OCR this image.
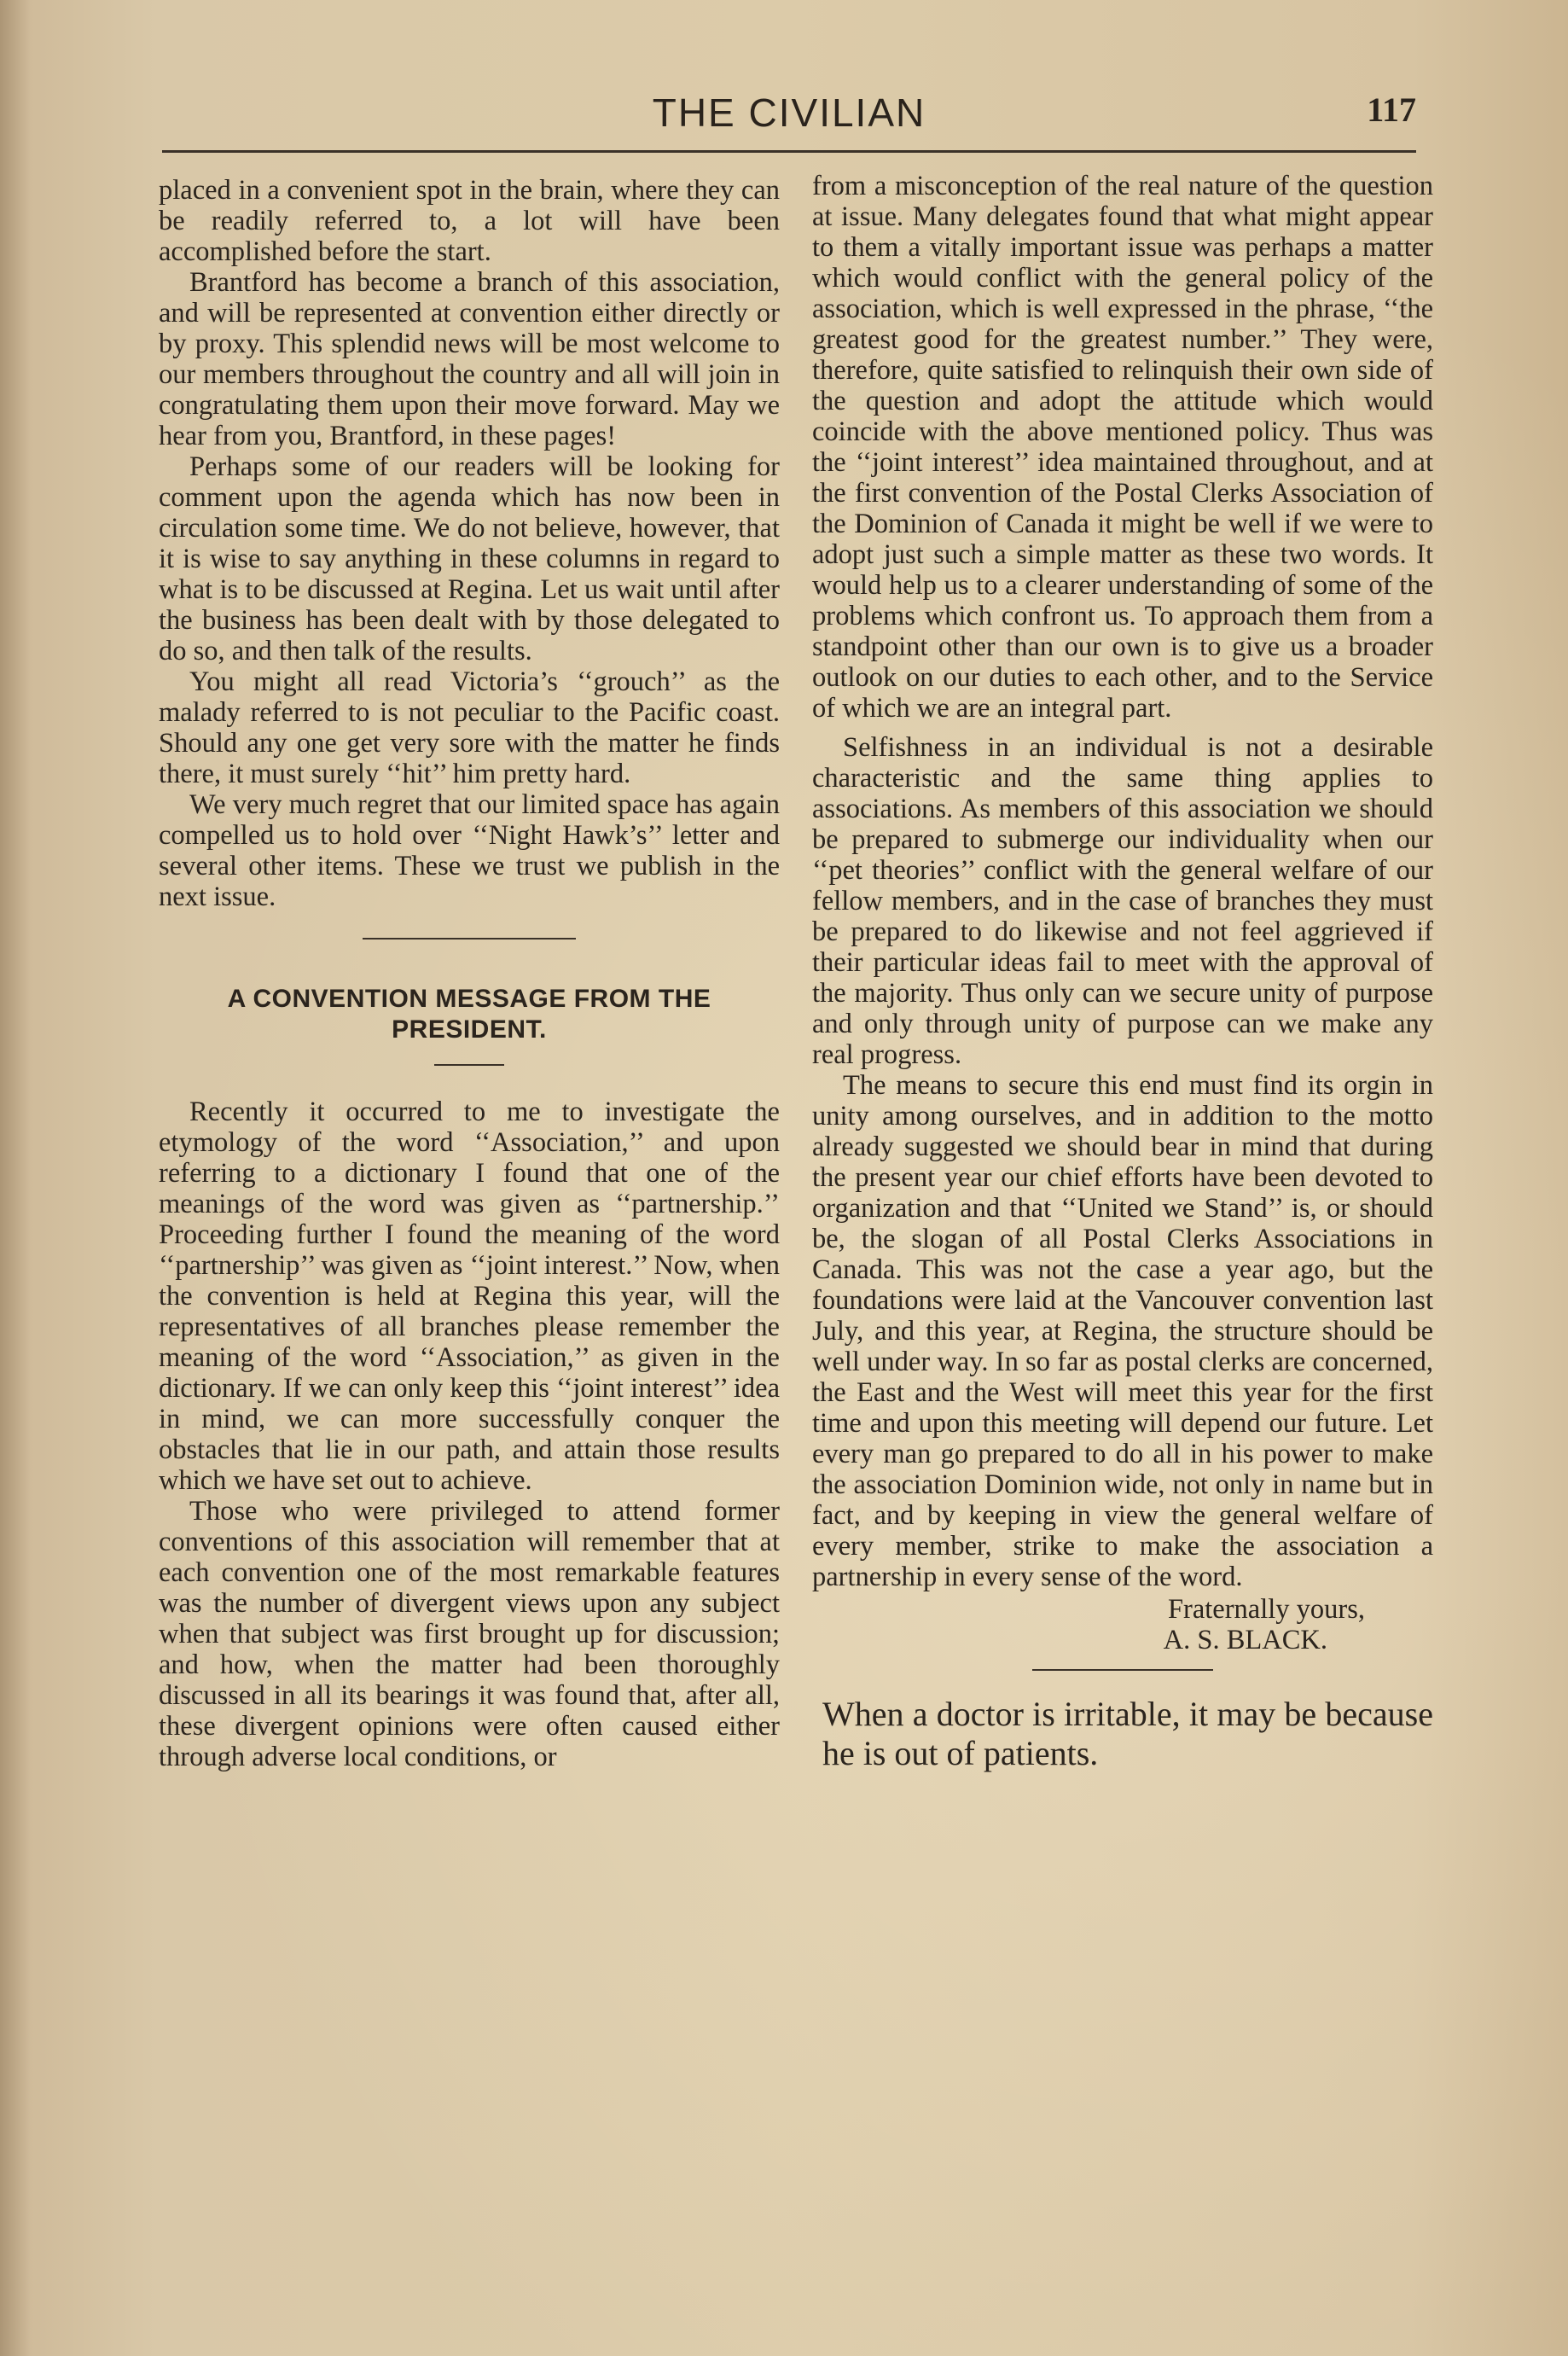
THE CIVILIAN	117

placed in a convenient spot in the brain, where they can be readily referred to, a lot will have been accomplished before the start.

Brantford has become a branch of this association, and will be represented at convention either directly or by proxy. This splendid news will be most welcome to our members throughout the country and all will join in congratulating them upon their move forward. May we hear from you, Brantford, in these pages!

Perhaps some of our readers will be looking for comment upon the agenda which has now been in circulation some time. We do not believe, however, that it is wise to say anything in these columns in regard to what is to be discussed at Regina. Let us wait until after the business has been dealt with by those delegated to do so, and then talk of the results.

You might all read Victoria’s ‘‘grouch’’ as the malady referred to is not peculiar to the Pacific coast. Should any one get very sore with the matter he finds there, it must surely ‘‘hit’’ him pretty hard.

We very much regret that our limited space has again compelled us to hold over ‘‘Night Hawk’s’’ letter and several other items. These we trust we publish in the next issue.

A CONVENTION MESSAGE FROM THE
PRESIDENT.

Recently it occurred to me to investigate the etymology of the word ‘‘Association,’’ and upon referring to a dictionary I found that one of the meanings of the word was given as ‘‘partnership.’’ Proceeding further I found the meaning of the word ‘‘partnership’’ was given as ‘‘joint interest.’’ Now, when the convention is held at Regina this year, will the representatives of all branches please remember the meaning of the word ‘‘Association,’’ as given in the dictionary. If we can only keep this ‘‘joint interest’’ idea in mind, we can more successfully conquer the obstacles that lie in our path, and attain those results which we have set out to achieve.

Those who were privileged to attend former conventions of this association will remember that at each convention one of the most remarkable features was the number of divergent views upon any subject when that subject was first brought up for discussion; and how, when the matter had been thoroughly discussed in all its bearings it was found that, after all, these divergent opinions were often caused either through adverse local conditions, or

from a misconception of the real nature of the question at issue. Many delegates found that what might appear to them a vitally important issue was perhaps a matter which would conflict with the general policy of the association, which is well expressed in the phrase, ‘‘the greatest good for the greatest number.’’ They were, therefore, quite satisfied to relinquish their own side of the question and adopt the attitude which would coincide with the above mentioned policy. Thus was the ‘‘joint interest’’ idea maintained throughout, and at the first convention of the Postal Clerks Association of the Dominion of Canada it might be well if we were to adopt just such a simple matter as these two words. It would help us to a clearer understanding of some of the problems which confront us. To approach them from a standpoint other than our own is to give us a broader outlook on our duties to each other, and to the Service of which we are an integral part.

Selfishness in an individual is not a desirable characteristic and the same thing applies to associations. As members of this association we should be prepared to submerge our individuality when our ‘‘pet theories’’ conflict with the general welfare of our fellow members, and in the case of branches they must be prepared to do likewise and not feel aggrieved if their particular ideas fail to meet with the approval of the majority. Thus only can we secure unity of purpose and only through unity of purpose can we make any real progress.

The means to secure this end must find its orgin in unity among ourselves, and in addition to the motto already suggested we should bear in mind that during the present year our chief efforts have been devoted to organization and that ‘‘United we Stand’’ is, or should be, the slogan of all Postal Clerks Associations in Canada. This was not the case a year ago, but the foundations were laid at the Vancouver convention last July, and this year, at Regina, the structure should be well under way. In so far as postal clerks are concerned, the East and the West will meet this year for the first time and upon this meeting will depend our future. Let every man go prepared to do all in his power to make the association Dominion wide, not only in name but in fact, and by keeping in view the general welfare of every member, strike to make the association a partnership in every sense of the word.

Fraternally yours,
A. S. BLACK.

When a doctor is irritable, it may be because he is out of patients.
